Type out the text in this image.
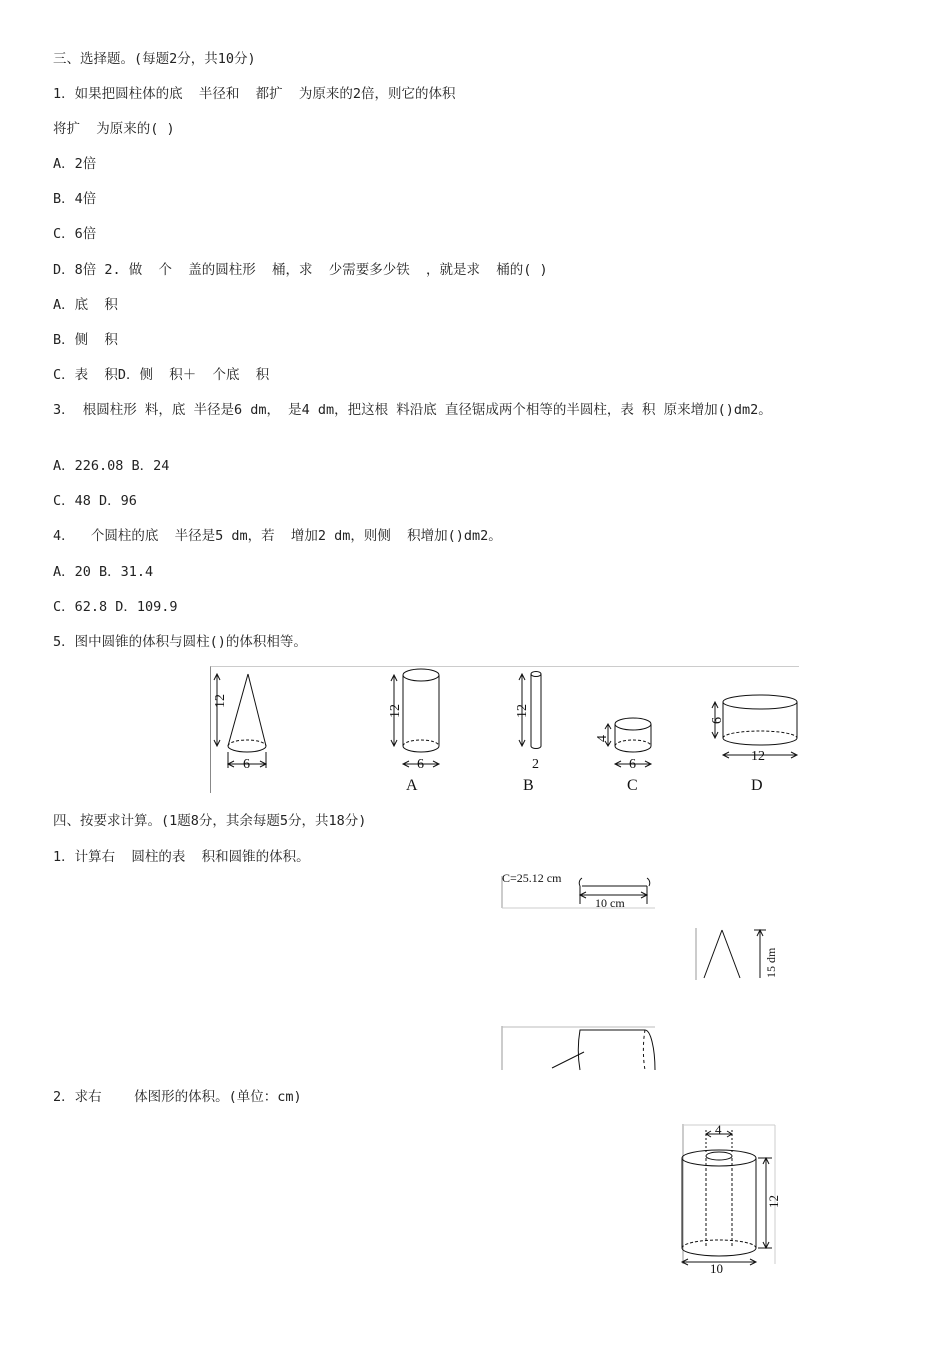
三、选择题。(每题2分，共10分)
1．如果把圆柱体的底  半径和  都扩  为原来的2倍，则它的体积
将扩  为原来的( )
A．2倍
B．4倍
C．6倍
D．8倍 2. 做  个  盖的圆柱形  桶，求  少需要多少铁  ，就是求  桶的( )
A．底  积
B．侧  积
C．表  积D．侧  积＋  个底  积
3． 根圆柱形 料，底 半径是6 dm， 是4 dm，把这根 料沿底 直径锯成两个相等的半圆柱，表 积 原来增加()dm2。
A．226.08 B．24
C．48 D．96
4．  个圆柱的底  半径是5 dm，若  增加2 dm，则侧  积增加()dm2。
A．20 B．31.4
C．62.8 D．109.9
5．图中圆锥的体积与圆柱()的体积相等。
12
6
12
6
A
12
2
B
4
6
C
6
12
D
四、按要求计算。(1题8分，其余每题5分，共18分)
1．计算右  圆柱的表  积和圆锥的体积。
C=25.12 cm
10 cm
15 dm
2．求右    体图形的体积。(单位：cm)
4
12
10
